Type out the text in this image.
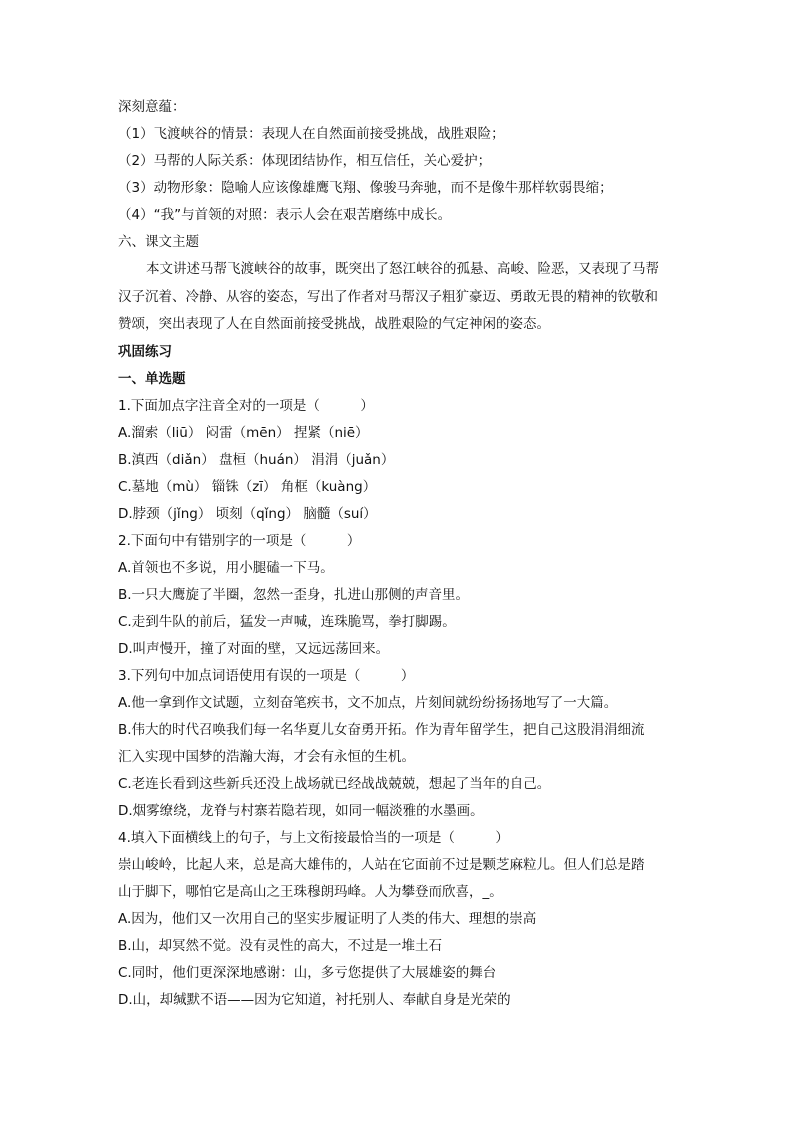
深刻意蕴：
（1）飞渡峡谷的情景：表现人在自然面前接受挑战，战胜艰险；
（2）马帮的人际关系：体现团结协作，相互信任，关心爱护；
（3）动物形象：隐喻人应该像雄鹰飞翔、像骏马奔驰，而不是像牛那样软弱畏缩；
（4）“我”与首领的对照：表示人会在艰苦磨练中成长。
六、课文主题
本文讲述马帮飞渡峡谷的故事，既突出了怒江峡谷的孤悬、高峻、险恶，又表现了马帮
汉子沉着、冷静、从容的姿态，写出了作者对马帮汉子粗犷豪迈、勇敢无畏的精神的钦敬和
赞颂，突出表现了人在自然面前接受挑战，战胜艰险的气定神闲的姿态。
巩固练习
一、单选题
1.下面加点字注音全对的一项是（　　　）
A.溜索（liū） 闷雷（mēn） 捏紧（niē）
B.滇西（diǎn） 盘桓（huán） 涓涓（juǎn）
C.墓地（mù） 锱铢（zī） 角框（kuàng）
D.脖颈（jǐng） 顷刻（qǐng） 脑髓（suí）
2.下面句中有错别字的一项是（　　　）
A.首领也不多说，用小腿磕一下马。
B.一只大鹰旋了半圈，忽然一歪身，扎进山那侧的声音里。
C.走到牛队的前后，猛发一声喊，连珠脆骂，拳打脚踢。
D.叫声慢开，撞了对面的壁，又远远荡回来。
3.下列句中加点词语使用有误的一项是（　　　）
A.他一拿到作文试题，立刻奋笔疾书，文不加点，片刻间就纷纷扬扬地写了一大篇。
B.伟大的时代召唤我们每一名华夏儿女奋勇开拓。作为青年留学生，把自己这股涓涓细流
汇入实现中国梦的浩瀚大海，才会有永恒的生机。
C.老连长看到这些新兵还没上战场就已经战战兢兢，想起了当年的自己。
D.烟雾缭绕，龙脊与村寨若隐若现，如同一幅淡雅的水墨画。
4.填入下面横线上的句子，与上文衔接最恰当的一项是（　　　）
崇山峻岭，比起人来，总是高大雄伟的，人站在它面前不过是颗芝麻粒儿。但人们总是踏
山于脚下，哪怕它是高山之王珠穆朗玛峰。人为攀登而欣喜，_。
A.因为，他们又一次用自己的坚实步履证明了人类的伟大、理想的崇高
B.山，却冥然不觉。没有灵性的高大，不过是一堆土石
C.同时，他们更深深地感谢：山，多亏您提供了大展雄姿的舞台
D.山，却缄默不语——因为它知道，衬托别人、奉献自身是光荣的
